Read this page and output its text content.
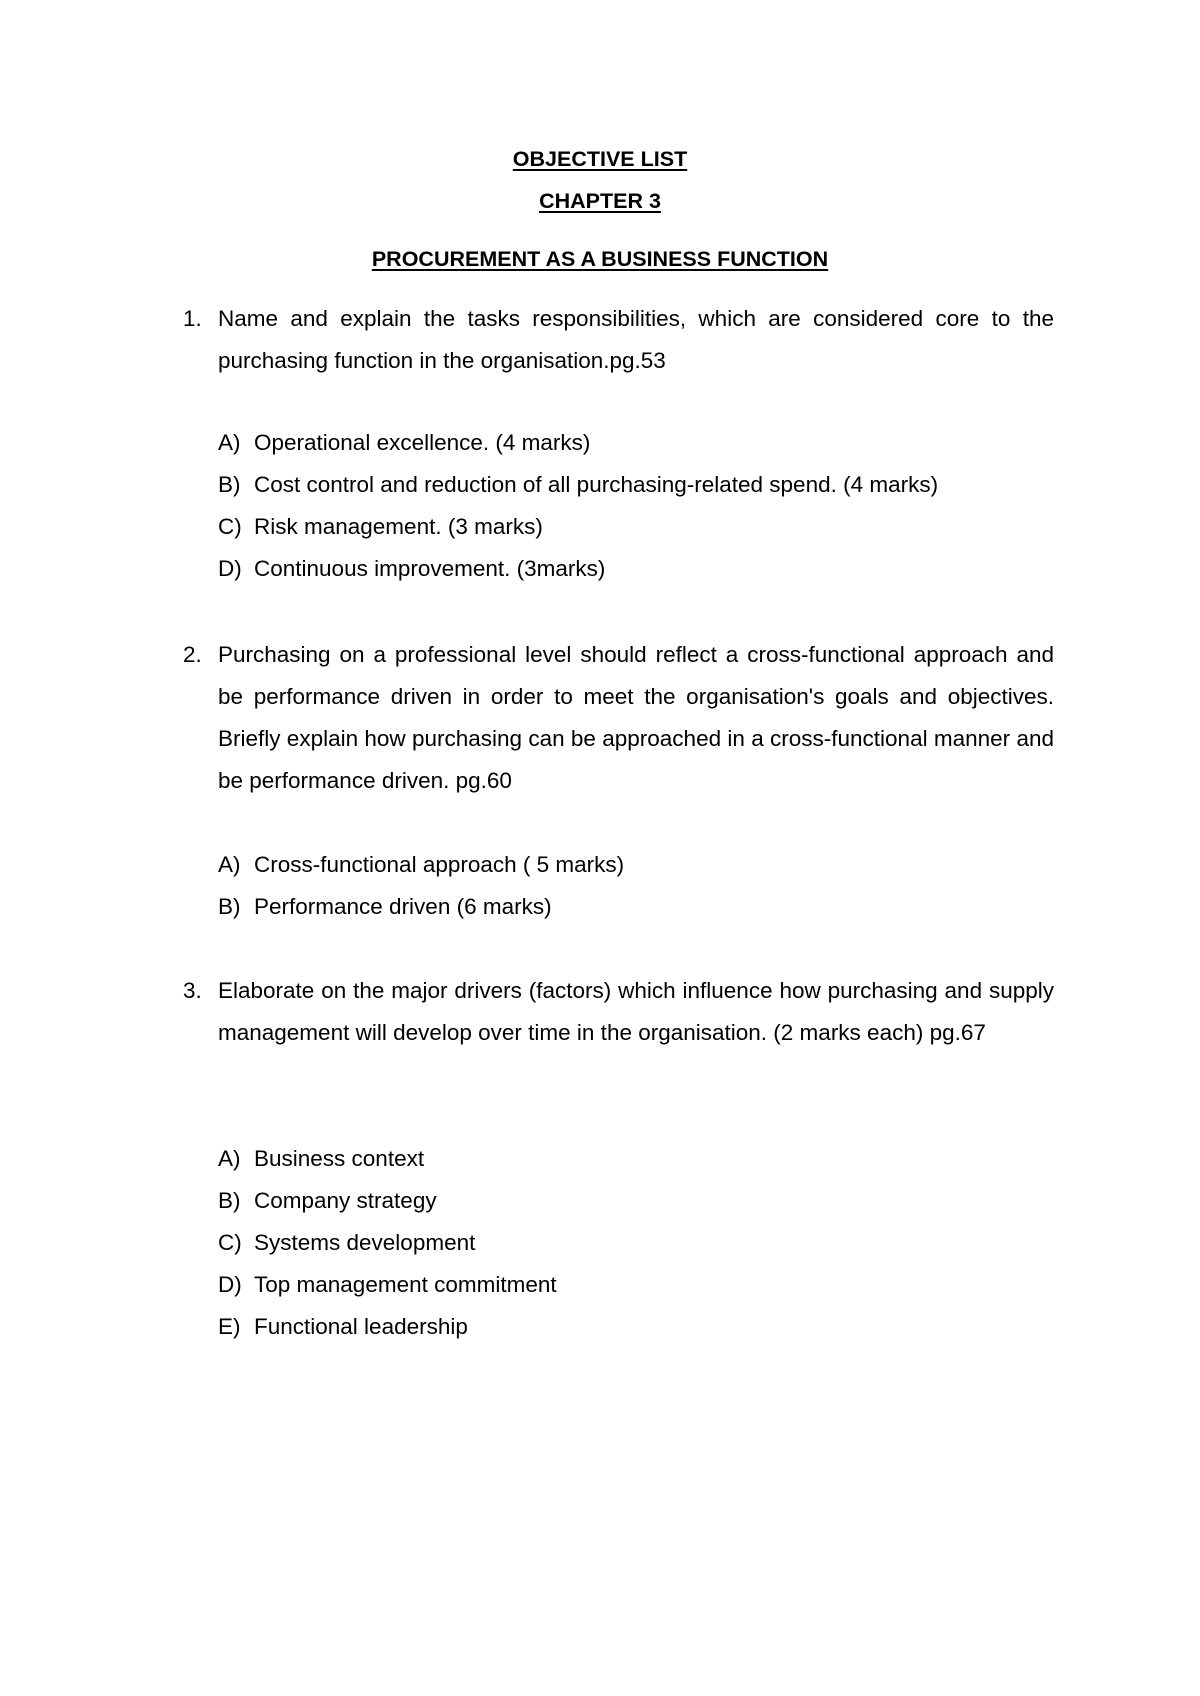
OBJECTIVE LIST
CHAPTER 3
PROCUREMENT AS A BUSINESS FUNCTION
1. Name and explain the tasks responsibilities, which are considered core to the purchasing function in the organisation.pg.53

A) Operational excellence. (4 marks)
B) Cost control and reduction of all purchasing-related spend. (4 marks)
C) Risk management. (3 marks)
D) Continuous improvement. (3marks)
2. Purchasing on a professional level should reflect a cross-functional approach and be performance driven in order to meet the organisation's goals and objectives. Briefly explain how purchasing can be approached in a cross-functional manner and be performance driven. pg.60

A) Cross-functional approach ( 5 marks)
B) Performance driven (6 marks)
3. Elaborate on the major drivers (factors) which influence how purchasing and supply management will develop over time in the organisation. (2 marks each) pg.67

A) Business context
B) Company strategy
C) Systems development
D) Top management commitment
E) Functional leadership
